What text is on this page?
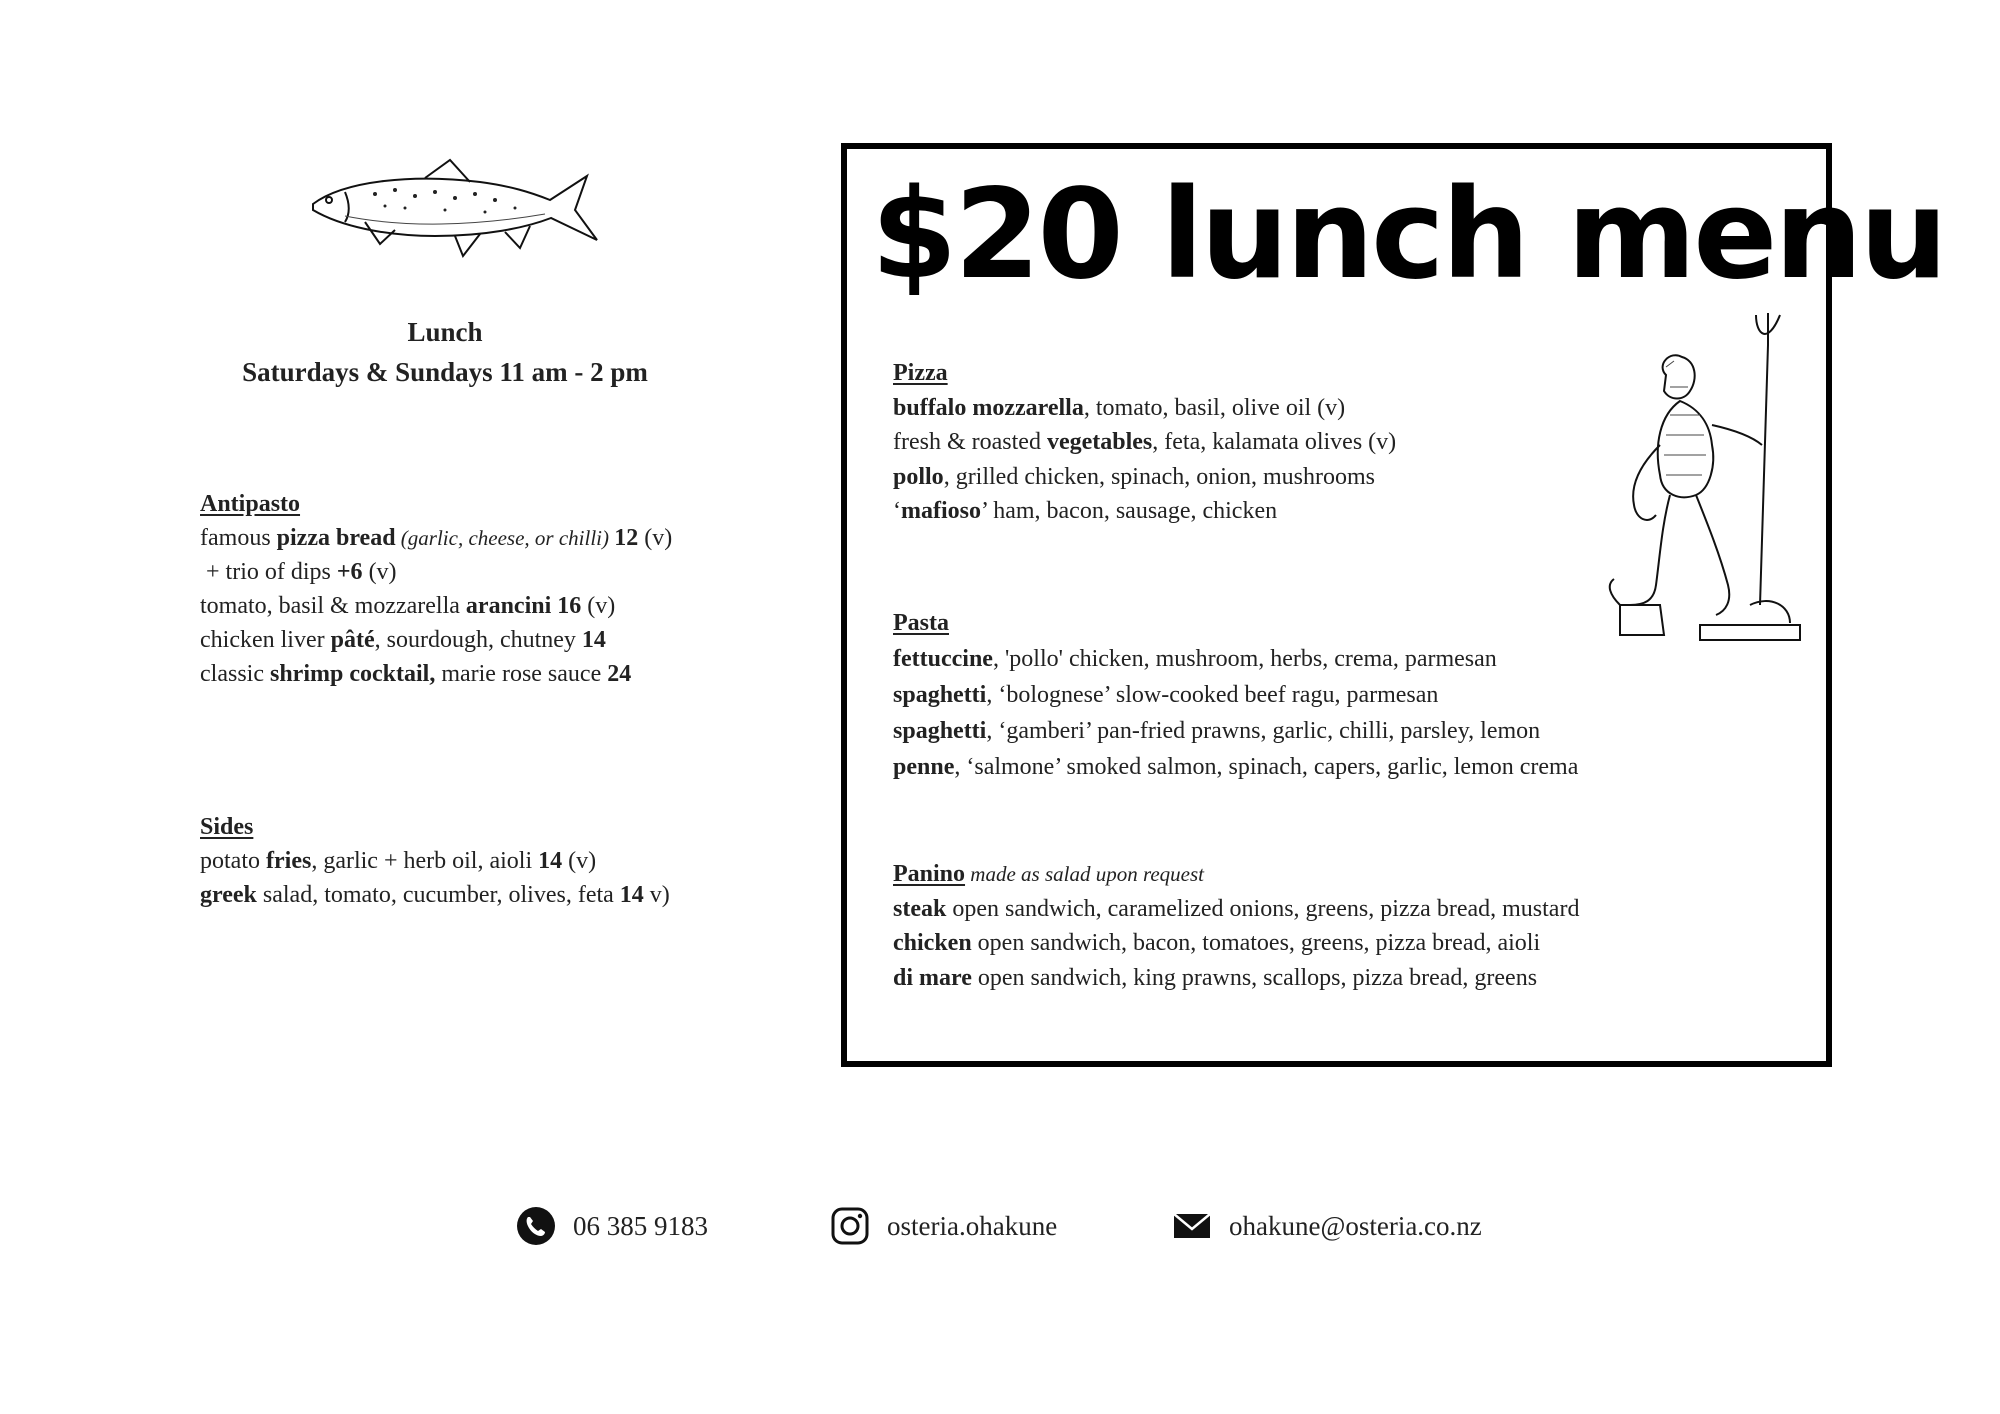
Lunch
Saturdays & Sundays 11 am - 2 pm
Antipasto
famous pizza bread (garlic, cheese, or chilli) 12 (v)
+ trio of dips +6 (v)
tomato, basil & mozzarella arancini 16 (v)
chicken liver pâté, sourdough, chutney 14
classic shrimp cocktail, marie rose sauce 24
Sides
potato fries, garlic + herb oil, aioli 14 (v)
greek salad, tomato, cucumber, olives, feta 14 v)
$20 lunch menu
Pizza
buffalo mozzarella, tomato, basil, olive oil (v)
fresh & roasted vegetables, feta, kalamata olives (v)
pollo, grilled chicken, spinach, onion, mushrooms
‘mafioso’ ham, bacon, sausage, chicken
Pasta
fettuccine, 'pollo' chicken, mushroom, herbs, crema, parmesan
spaghetti, ‘bolognese’ slow-cooked beef ragu, parmesan
spaghetti, ‘gamberi’ pan-fried prawns, garlic, chilli, parsley, lemon
penne, ‘salmone’ smoked salmon, spinach, capers, garlic, lemon crema
Panino made as salad upon request
steak open sandwich, caramelized onions, greens, pizza bread, mustard
chicken open sandwich, bacon, tomatoes, greens, pizza bread, aioli
di mare open sandwich, king prawns, scallops, pizza bread, greens
06 385 9183	osteria.ohakune	ohakune@osteria.co.nz
